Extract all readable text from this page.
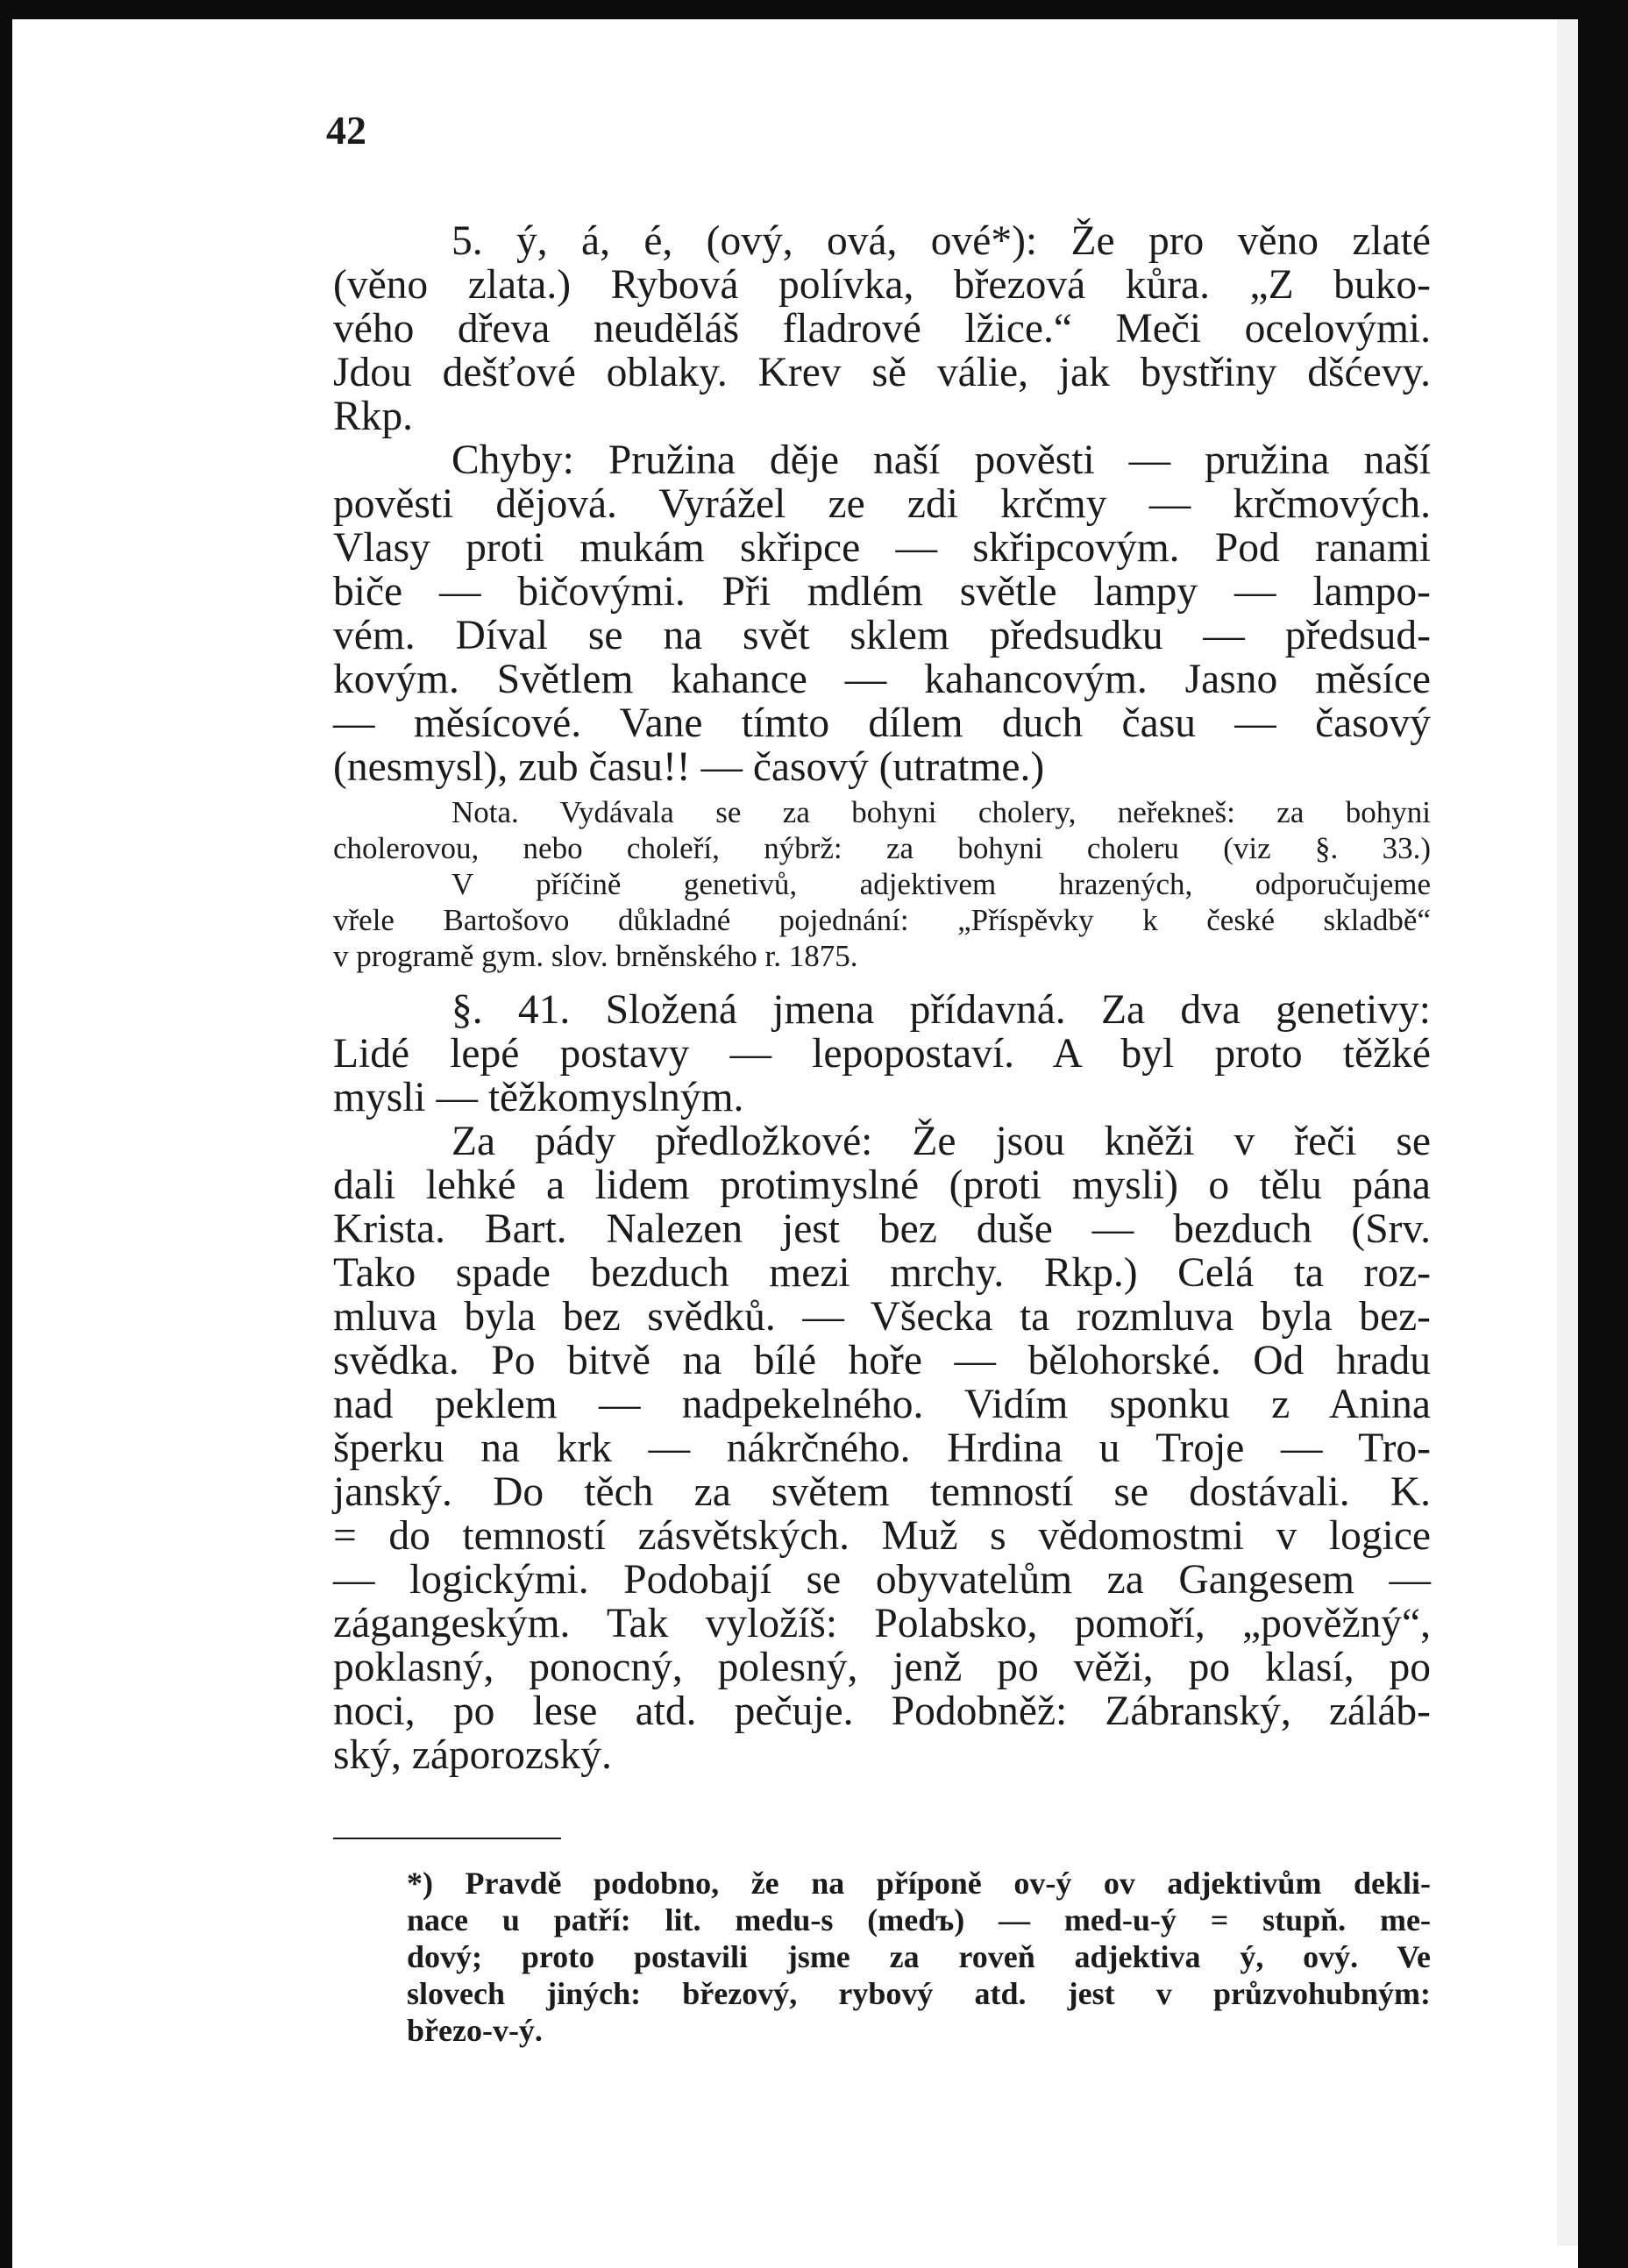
42
5. ý, á, é, (ový, ová, ové*): Že pro věno zlaté
(věno zlata.) Rybová polívka, březová kůra. „Z buko-
vého dřeva neuděláš fladrové lžice.“ Meči ocelovými.
Jdou dešťové oblaky. Krev sě válie, jak bystřiny dšćevy.
Rkp.
Chyby: Pružina děje naší pověsti — pružina naší
pověsti dějová. Vyrážel ze zdi krčmy — krčmových.
Vlasy proti mukám skřipce — skřipcovým. Pod ranami
biče — bičovými. Při mdlém světle lampy — lampo-
vém. Díval se na svět sklem předsudku — předsud-
kovým. Světlem kahance — kahancovým. Jasno měsíce
— měsícové. Vane tímto dílem duch času — časový
(nesmysl), zub času!! — časový (utratme.)
Nota. Vydávala se za bohyni cholery, neřekneš: za bohyni
cholerovou, nebo choleří, nýbrž: za bohyni choleru (viz §. 33.)
V příčině genetivů, adjektivem hrazených, odporučujeme
vřele Bartošovo důkladné pojednání: „Příspěvky k české skladbě“
v programě gym. slov. brněnského r. 1875.
§. 41. Složená jmena přídavná. Za dva genetivy:
Lidé lepé postavy — lepopostaví. A byl proto těžké
mysli — těžkomyslným.
Za pády předložkové: Že jsou kněži v řeči se
dali lehké a lidem protimyslné (proti mysli) o tělu pána
Krista. Bart. Nalezen jest bez duše — bezduch (Srv.
Tako spade bezduch mezi mrchy. Rkp.) Celá ta roz-
mluva byla bez svědků. — Všecka ta rozmluva byla bez-
svědka. Po bitvě na bílé hoře — bělohorské. Od hradu
nad peklem — nadpekelného. Vidím sponku z Anina
šperku na krk — nákrčného. Hrdina u Troje — Tro-
janský. Do těch za světem temností se dostávali. K.
= do temností zásvětských. Muž s vědomostmi v logice
— logickými. Podobají se obyvatelům za Gangesem —
zágangeským. Tak vyložíš: Polabsko, pomoří, „pověžný“,
poklasný, ponocný, polesný, jenž po věži, po klasí, po
noci, po lese atd. pečuje. Podobněž: Zábranský, záláb-
ský, záporozský.
*) Pravdě podobno, že na příponě ov-ý ov adjektivům dekli-
nace u patří: lit. medu-s (medъ) — med-u-ý = stupň. me-
dový; proto postavili jsme za roveň adjektiva ý, ový. Ve
slovech jiných: březový, rybový atd. jest v průzvohubným:
březo-v-ý.
